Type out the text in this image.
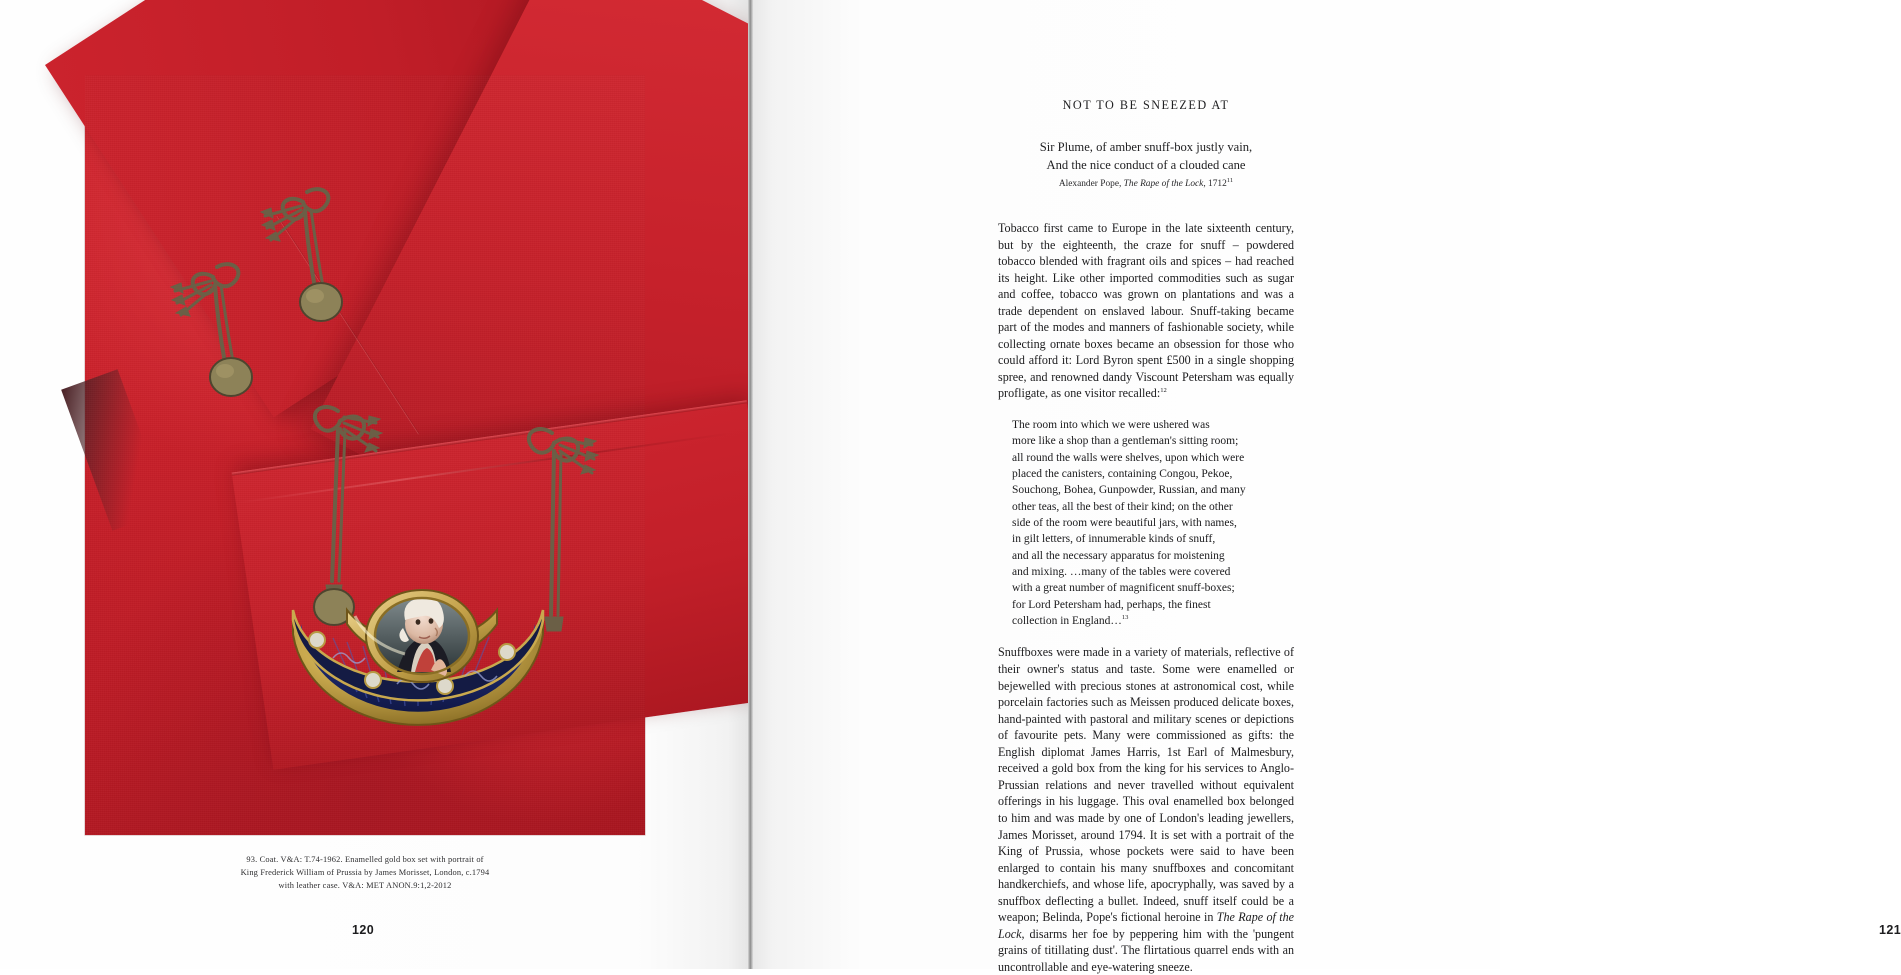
93. Coat. V&A: T.74-1962. Enamelled gold box set with portrait of
King Frederick William of Prussia by James Morisset, London, c.1794
with leather case. V&A: MET ANON.9:1,2-2012
120
NOT TO BE SNEEZED AT
Sir Plume, of amber snuff-box justly vain,
And the nice conduct of a clouded cane
Alexander Pope, The Rape of the Lock, 1712$^{11}$

Tobacco first came to Europe in the late sixteenth century, but by the eighteenth, the craze for snuff – powdered tobacco blended with fragrant oils and spices – had reached its height. Like other imported commodities such as sugar and coffee, tobacco was grown on plantations and was a trade dependent on enslaved labour. Snuff-taking became part of the modes and manners of fashionable society, while collecting ornate boxes became an obsession for those who could afford it: Lord Byron spent £500 in a single shopping spree, and renowned dandy Viscount Petersham was equally profligate, as one visitor recalled:$^{12}$

The room into which we were ushered was
more like a shop than a gentleman's sitting room;
all round the walls were shelves, upon which were
placed the canisters, containing Congou, Pekoe,
Souchong, Bohea, Gunpowder, Russian, and many
other teas, all the best of their kind; on the other
side of the room were beautiful jars, with names,
in gilt letters, of innumerable kinds of snuff,
and all the necessary apparatus for moistening
and mixing. …many of the tables were covered
with a great number of magnificent snuff-boxes;
for Lord Petersham had, perhaps, the finest
collection in England…$^{13}$

Snuffboxes were made in a variety of materials, reflective of their owner's status and taste. Some were enamelled or bejewelled with precious stones at astronomical cost, while porcelain factories such as Meissen produced delicate boxes, hand-painted with pastoral and military scenes or depictions of favourite pets. Many were commissioned as gifts: the English diplomat James Harris, 1st Earl of Malmesbury, received a gold box from the king for his services to Anglo-Prussian relations and never travelled without equivalent offerings in his luggage. This oval enamelled box belonged to him and was made by one of London's leading jewellers, James Morisset, around 1794. It is set with a portrait of the King of Prussia, whose pockets were said to have been enlarged to contain his many snuffboxes and concomitant handkerchiefs, and whose life, apocryphally, was saved by a snuffbox deflecting a bullet. Indeed, snuff itself could be a weapon; Belinda, Pope's fictional heroine in The Rape of the Lock, disarms her foe by peppering him with the 'pungent grains of titillating dust'. The flirtatious quarrel ends with an uncontrollable and eye-watering sneeze.

121
